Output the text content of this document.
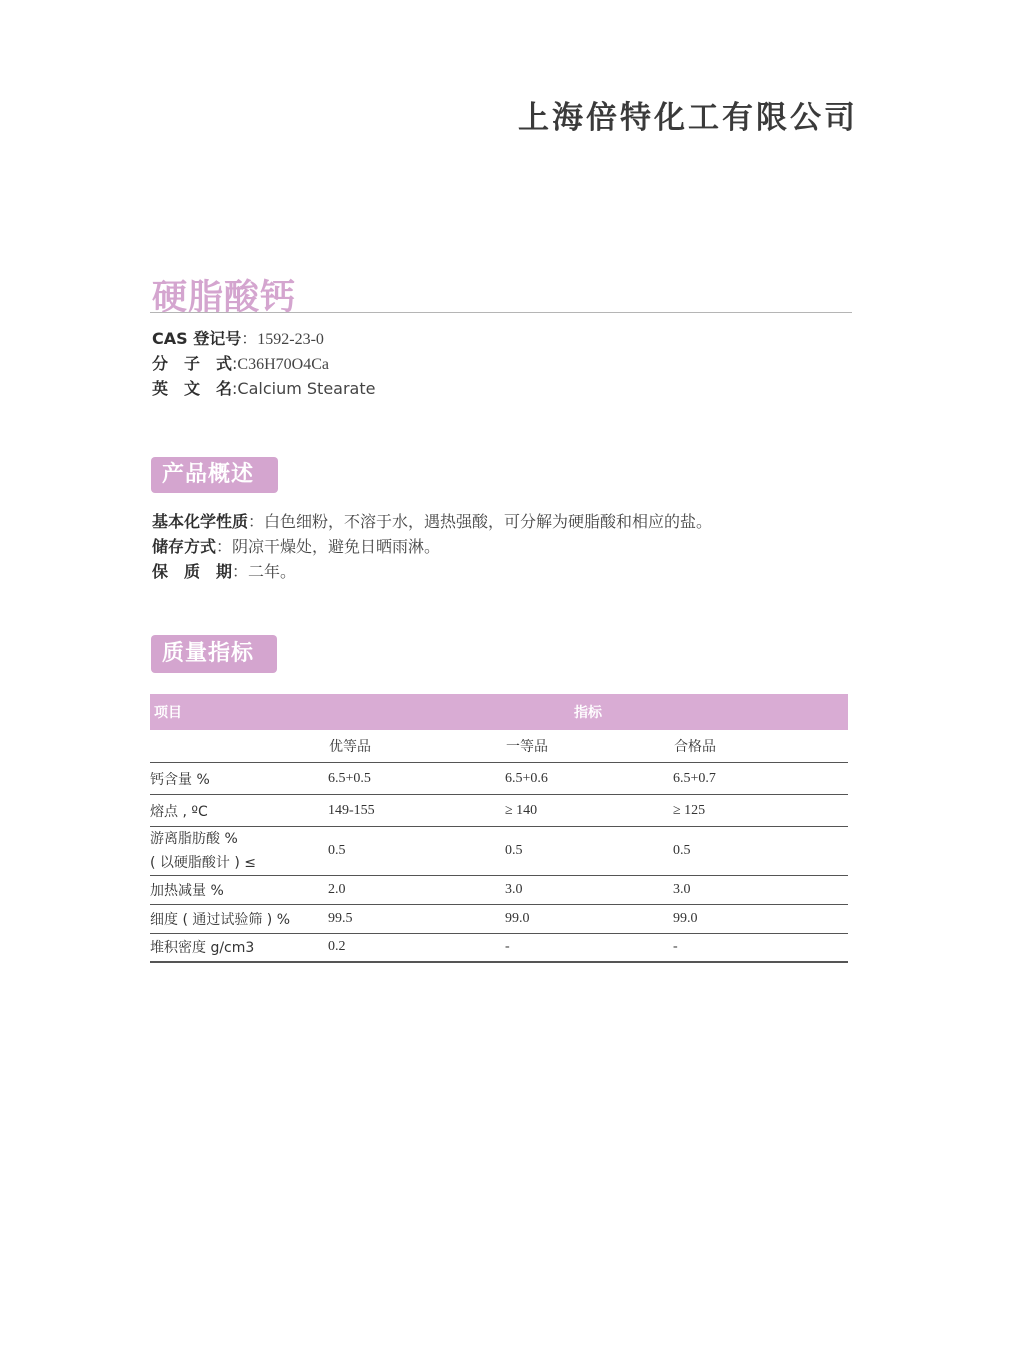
上海倍特化工有限公司
硬脂酸钙
CAS 登记号：1592-23-0
分　子　式:C36H70O4Ca
英　文　名:Calcium Stearate
产品概述
基本化学性质：白色细粉，不溶于水，遇热强酸，可分解为硬脂酸和相应的盐。
储存方式：阴凉干燥处，避免日晒雨淋。
保　质　期：二年。
质量指标
项目	指标		
	优等品	一等品	合格品
钙含量 %	6.5+0.5	6.5+0.6	6.5+0.7
熔点 , ºC	149-155	≥ 140	≥ 125

游离脂肪酸 %
( 以硬脂酸计 ) ≤	0.5	0.5	0.5
加热减量 %	2.0	3.0	3.0
细度 ( 通过试验筛 ) %	99.5	99.0	99.0
堆积密度 g/cm3	0.2	-	-
